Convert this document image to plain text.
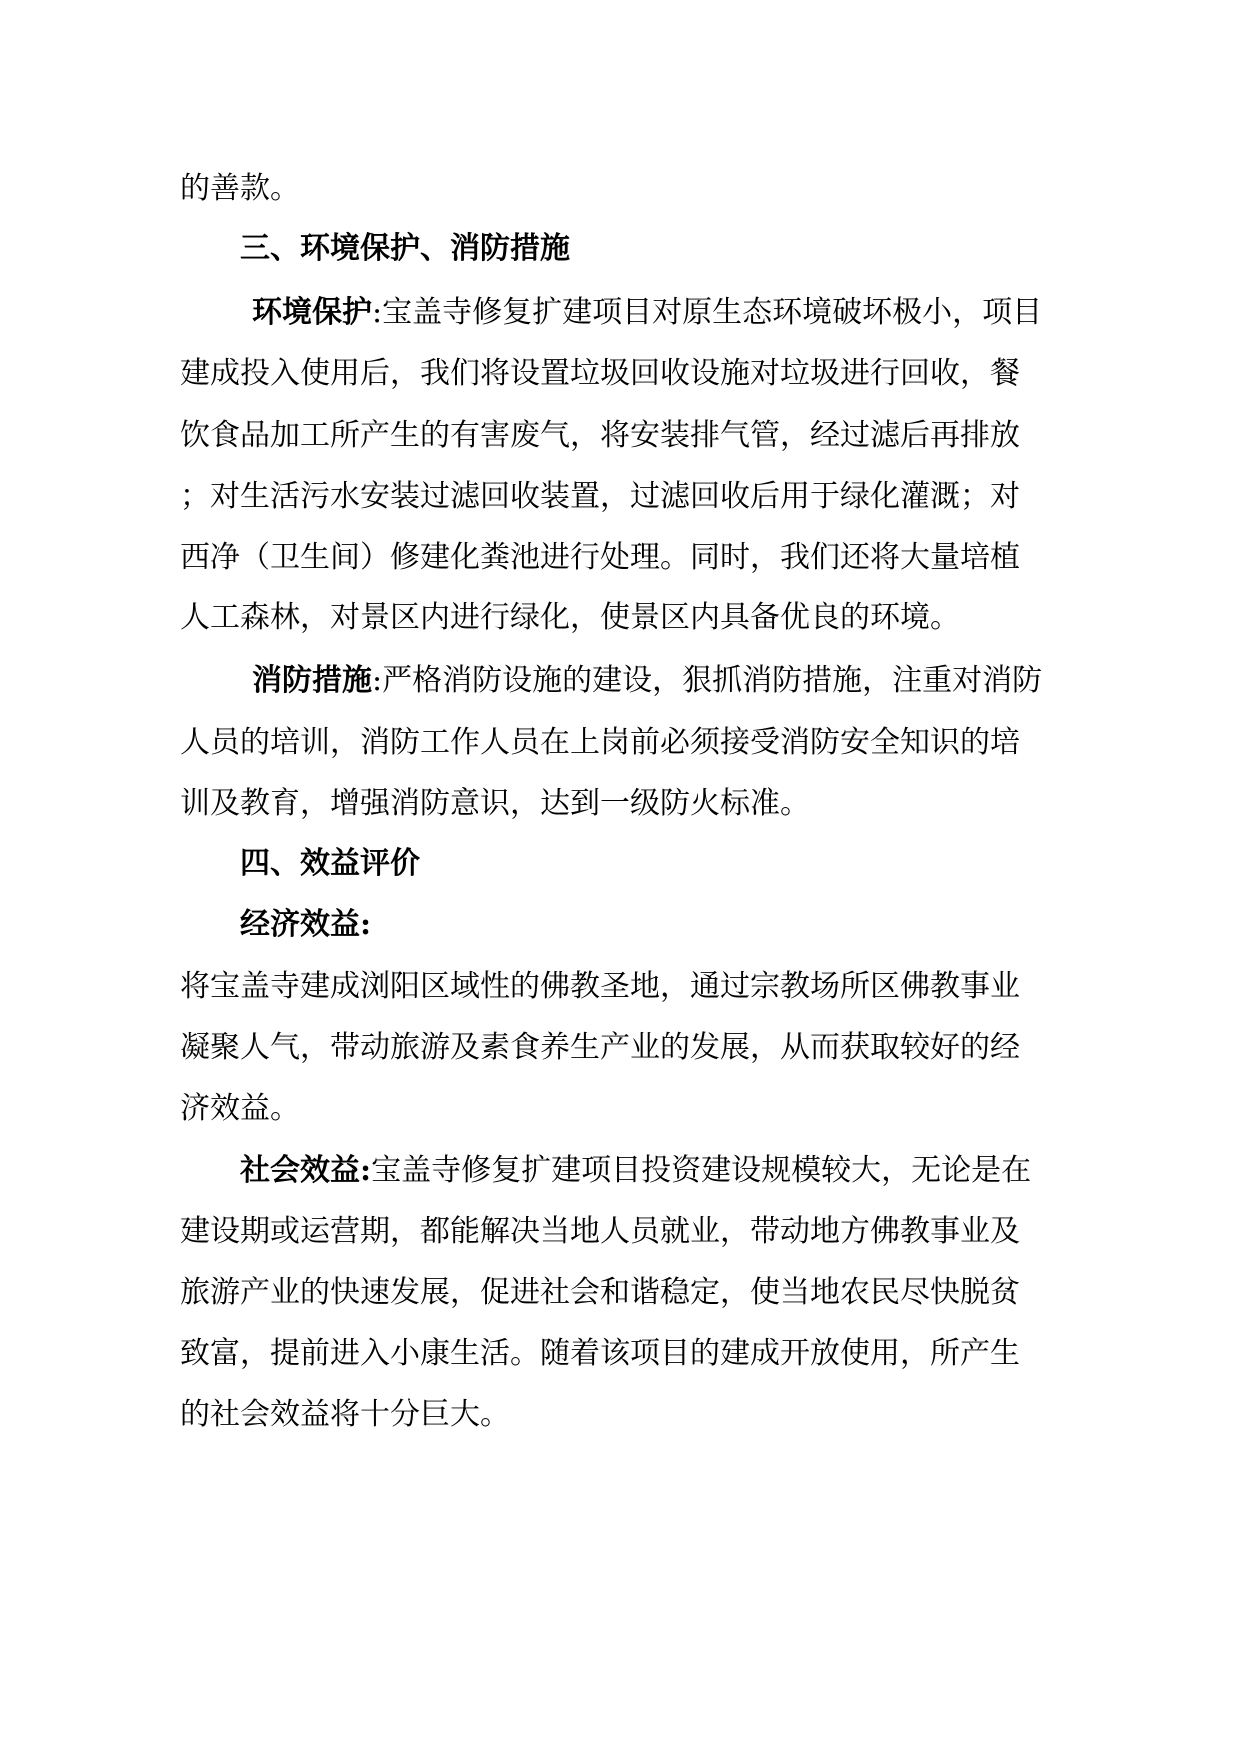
的善款。

三、环境保护、消防措施

环境保护:宝盖寺修复扩建项目对原生态环境破坏极小，项目

建成投入使用后，我们将设置垃圾回收设施对垃圾进行回收，餐

饮食品加工所产生的有害废气，将安装排气管，经过滤后再排放

；对生活污水安装过滤回收装置，过滤回收后用于绿化灌溉；对

西净（卫生间）修建化粪池进行处理。同时，我们还将大量培植

人工森林，对景区内进行绿化，使景区内具备优良的环境。

消防措施:严格消防设施的建设，狠抓消防措施，注重对消防

人员的培训，消防工作人员在上岗前必须接受消防安全知识的培

训及教育，增强消防意识，达到一级防火标准。

四、效益评价

经济效益:

将宝盖寺建成浏阳区域性的佛教圣地，通过宗教场所区佛教事业

凝聚人气，带动旅游及素食养生产业的发展，从而获取较好的经

济效益。

社会效益:宝盖寺修复扩建项目投资建设规模较大，无论是在

建设期或运营期，都能解决当地人员就业，带动地方佛教事业及

旅游产业的快速发展，促进社会和谐稳定，使当地农民尽快脱贫

致富，提前进入小康生活。随着该项目的建成开放使用，所产生

的社会效益将十分巨大。
